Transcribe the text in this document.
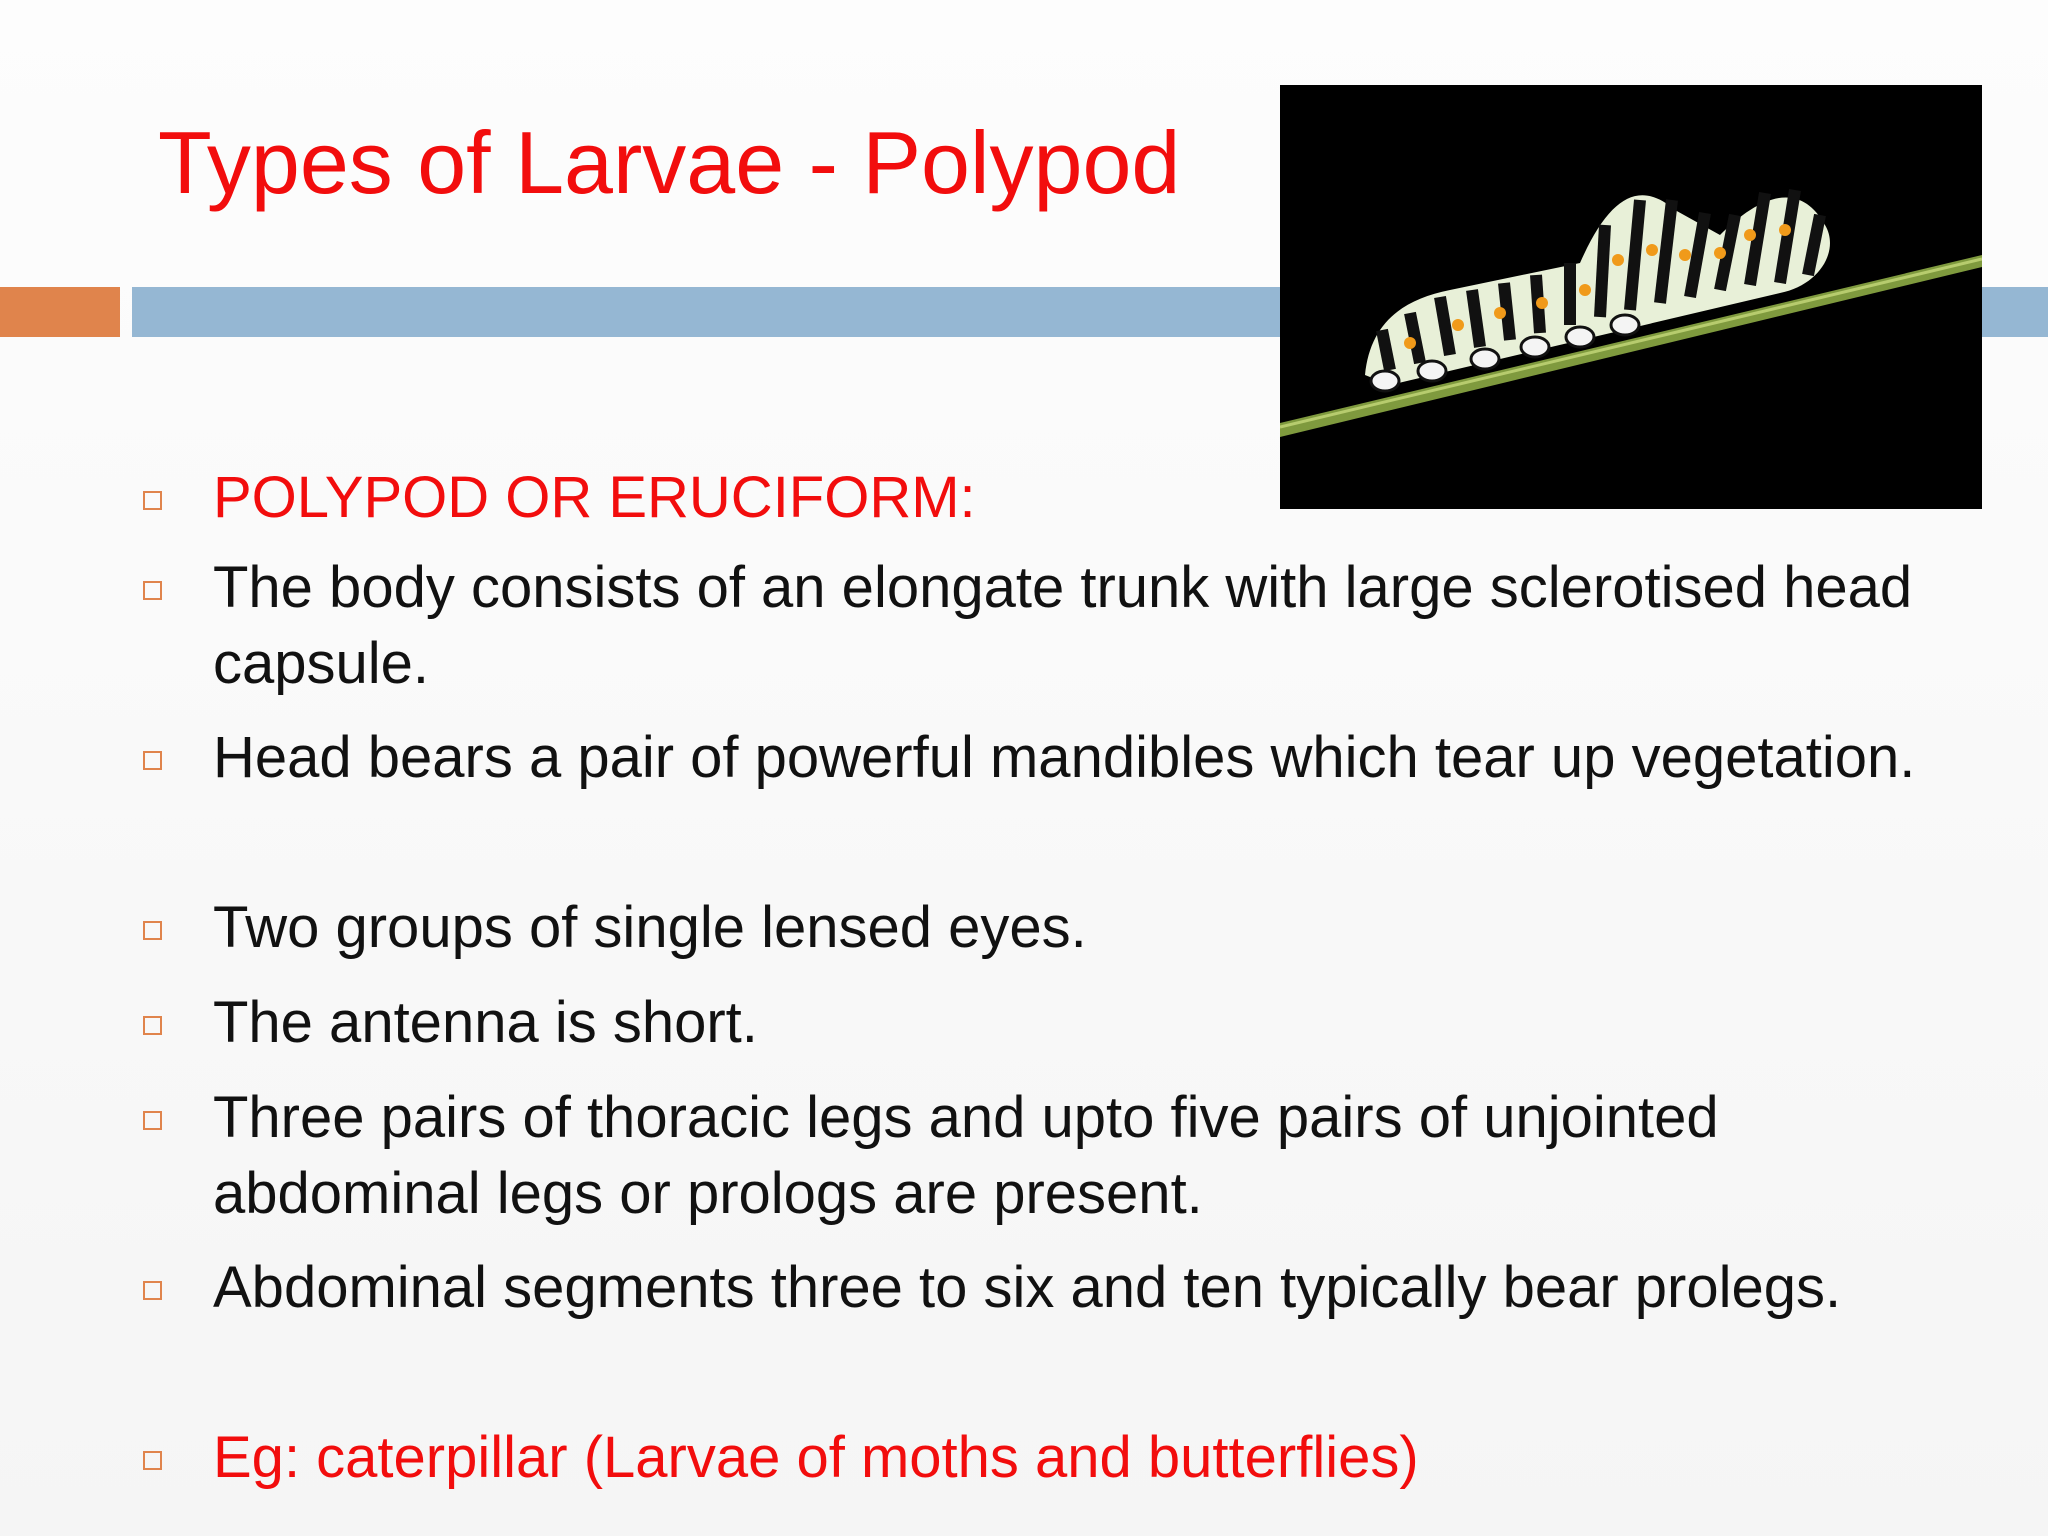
Types of Larvae - Polypod
POLYPOD OR ERUCIFORM:
The body consists of an elongate trunk with large sclerotised head capsule.
Head bears a pair of powerful mandibles which tear up vegetation.
Two groups of single lensed eyes.
The antenna is short.
Three pairs of thoracic legs and upto five pairs of unjointed abdominal legs or prologs are present.
Abdominal segments three to six and ten typically bear prolegs.
Eg: caterpillar (Larvae of moths and butterflies)
